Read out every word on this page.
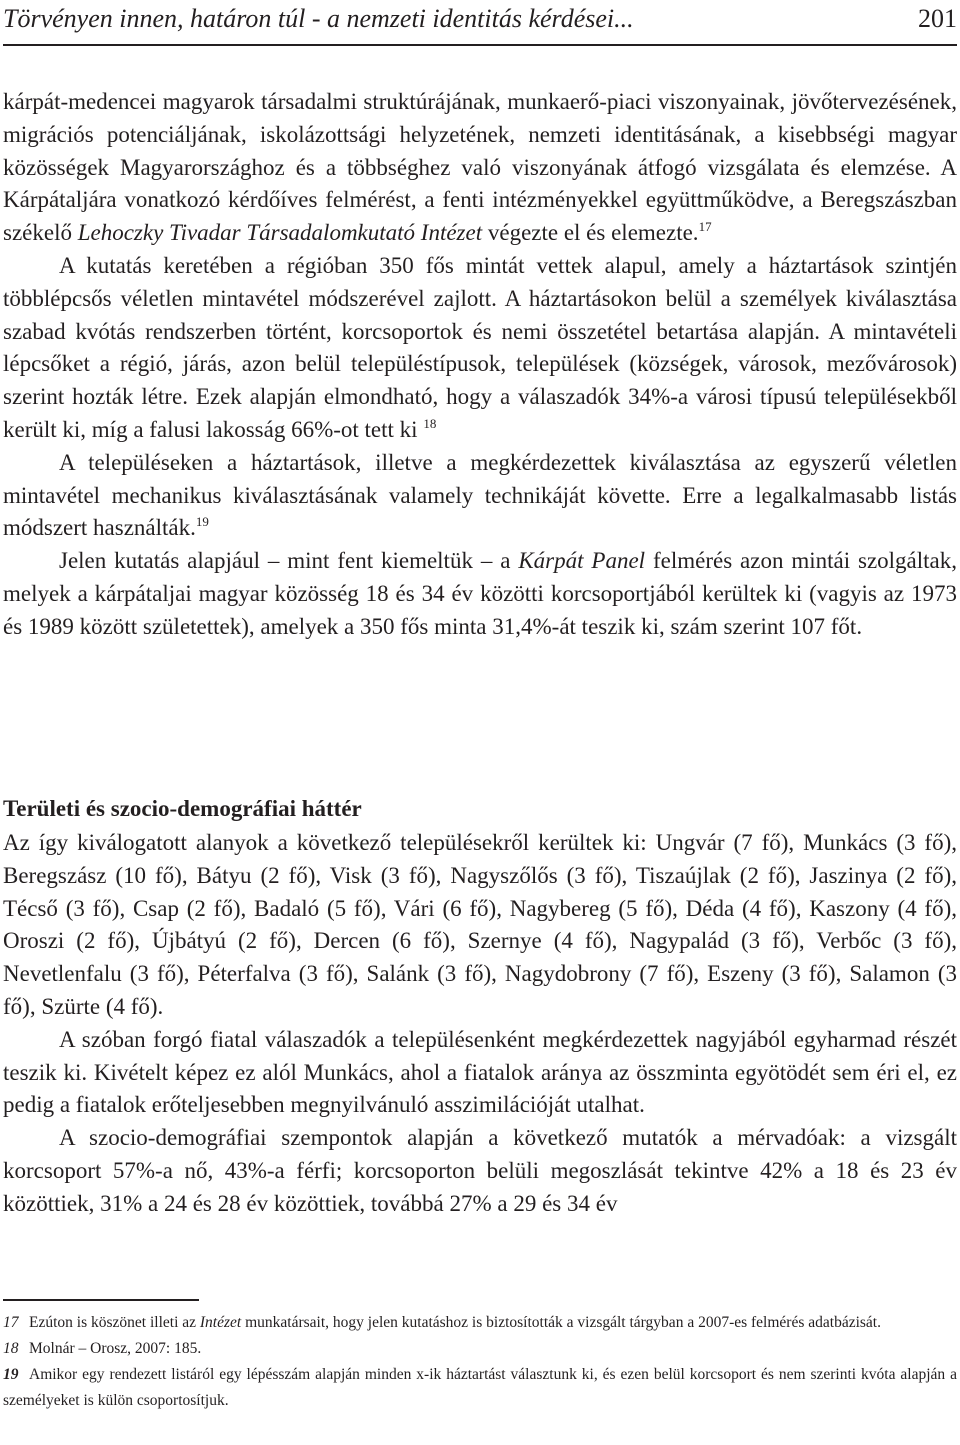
Törvényen innen, határon túl - a nemzeti identitás kérdései...	201

kárpát-medencei magyarok társadalmi struktúrájának, munkaerő-piaci viszonyainak, jövőtervezésének, migrációs potenciáljának, iskolázottsági helyzetének, nemzeti identitásának, a kisebbségi magyar közösségek Magyarországhoz és a többséghez való viszonyának átfogó vizsgálata és elemzése. A Kárpátaljára vonatkozó kérdőíves felmérést, a fenti intézményekkel együttműködve, a Beregszászban székelő Lehoczky Tivadar Társadalomkutató Intézet végezte el és elemezte.$^{17}$

A kutatás keretében a régióban 350 fős mintát vettek alapul, amely a háztartások szintjén többlépcsős véletlen mintavétel módszerével zajlott. A háztartásokon belül a személyek kiválasztása szabad kvótás rendszerben történt, korcsoportok és nemi összetétel betartása alapján. A mintavételi lépcsőket a régió, járás, azon belül településtípusok, települések (községek, városok, mezővárosok) szerint hozták létre. Ezek alapján elmondható, hogy a válaszadók 34%-a városi típusú településekből került ki, míg a falusi lakosság 66%-ot tett ki $^{18}$

A településeken a háztartások, illetve a megkérdezettek kiválasztása az egyszerű véletlen mintavétel mechanikus kiválasztásának valamely technikáját követte. Erre a legalkalmasabb listás módszert használták.$^{19}$

Jelen kutatás alapjául – mint fent kiemeltük – a Kárpát Panel felmérés azon mintái szolgáltak, melyek a kárpátaljai magyar közösség 18 és 34 év közötti korcsoportjából kerültek ki (vagyis az 1973 és 1989 között születettek), amelyek a 350 fős minta 31,4%-át teszik ki, szám szerint 107 főt.

Területi és szocio-demográfiai háttér

Az így kiválogatott alanyok a következő településekről kerültek ki: Ungvár (7 fő), Munkács (3 fő), Beregszász (10 fő), Bátyu (2 fő), Visk (3 fő), Nagyszőlős (3 fő), Tiszaújlak (2 fő), Jaszinya (2 fő), Técső (3 fő), Csap (2 fő), Badaló (5 fő), Vári (6 fő), Nagybereg (5 fő), Déda (4 fő), Kaszony (4 fő), Oroszi (2 fő), Újbátyú (2 fő), Dercen (6 fő), Szernye (4 fő), Nagypalád (3 fő), Verbőc (3 fő), Nevetlenfalu (3 fő), Péterfalva (3 fő), Salánk (3 fő), Nagydobrony (7 fő), Eszeny (3 fő), Salamon (3 fő), Szürte (4 fő).

A szóban forgó fiatal válaszadók a településenként megkérdezettek nagyjából egyharmad részét teszik ki. Kivételt képez ez alól Munkács, ahol a fiatalok aránya az összminta egyötödét sem éri el, ez pedig a fiatalok erőteljesebben megnyilvánuló asszimilációját utalhat.

A szocio-demográfiai szempontok alapján a következő mutatók a mérvadóak: a vizsgált korcsoport 57%-a nő, 43%-a férfi; korcsoporton belüli megoszlását tekintve 42% a 18 és 23 év közöttiek, 31% a 24 és 28 év közöttiek, továbbá 27% a 29 és 34 év

17 Ezúton is köszönet illeti az Intézet munkatársait, hogy jelen kutatáshoz is biztosították a vizsgált tárgyban a 2007-es felmérés adatbázisát.

18 Molnár – Orosz, 2007: 185.

19 Amikor egy rendezett listáról egy lépésszám alapján minden x-ik háztartást választunk ki, és ezen belül korcsoport és nem szerinti kvóta alapján a személyeket is külön csoportosítjuk.
